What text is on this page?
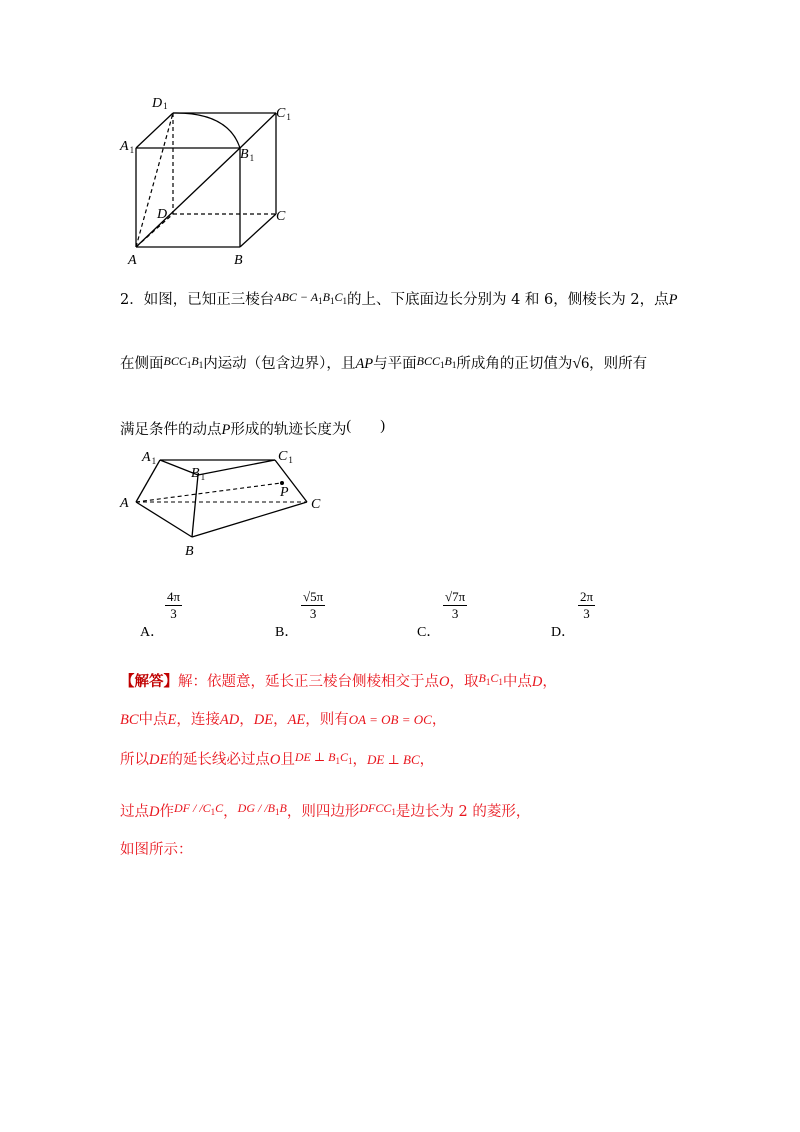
D1	$C_1$
$A_1$	$B_1$
D	C
A	B
2．如图，已知正三棱台$^{ABC - A_1B_1C_1}$的上、下底面边长分别为 4 和 6，侧棱长为 2，点P
在侧面$^{BCC_1B_1}$内运动（包含边界），且AP与平面$^{BCC_1B_1}$所成角的正切值为√6，则所有
满足条件的动点P形成的轨迹长度为(　　)
$A_1$
$B_1$
$C_1$
A
P
C
B
$\frac{4\pi}{3}$
A．
$\frac{√5\pi}{3}$
B．
$\frac{√7\pi}{3}$
C．
$\frac{2\pi}{3}$
D．
【解答】解：依题意，延长正三棱台侧棱相交于点O，取$^{B_1C_1}$中点D，
BC中点E，连接AD，DE，AE，则有OA = OB = OC，
所以DE的延长线必过点O且$^{DE \perp B_1C_1}$，DE ⊥ BC，
过点D作$^{DF / /C_1C}$，$^{DG / /B_1B}$，则四边形$^{DFCC_1}$是边长为 2 的菱形，
如图所示：
